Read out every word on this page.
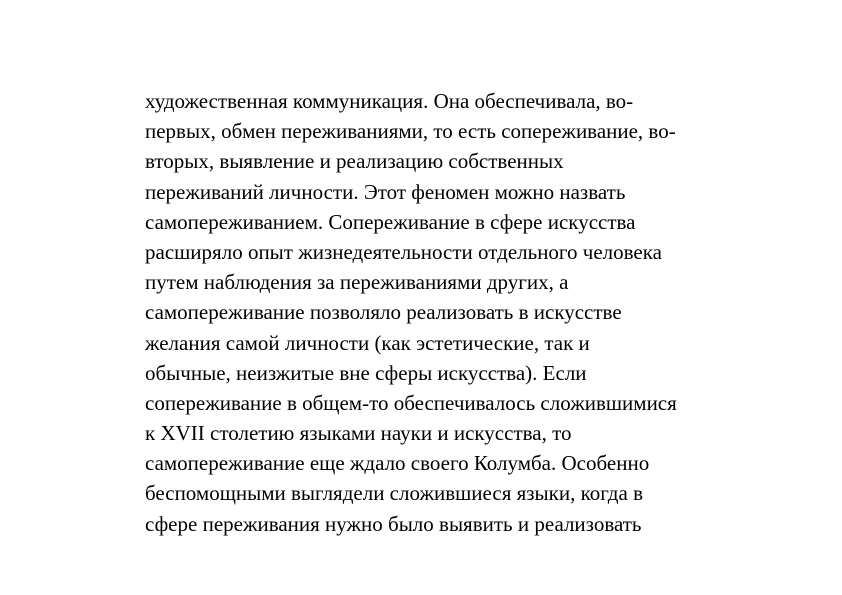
художественная коммуникация. Она обеспечивала, во-
первых, обмен переживаниями, то есть сопереживание, во-
вторых, выявление и реализацию собственных
переживаний личности. Этот феномен можно назвать
самопереживанием. Сопереживание в сфере искусства
расширяло опыт жизнедеятельности отдельного человека
путем наблюдения за переживаниями других, а
самопереживание позволяло реализовать в искусстве
желания самой личности (как эстетические, так и
обычные, неизжитые вне сферы искусства). Если
сопереживание в общем-то обеспечивалось сложившимися
к XVII столетию языками науки и искусства, то
самопереживание еще ждало своего Колумба. Особенно
беспомощными выглядели сложившиеся языки, когда в
сфере переживания нужно было выявить и реализовать
